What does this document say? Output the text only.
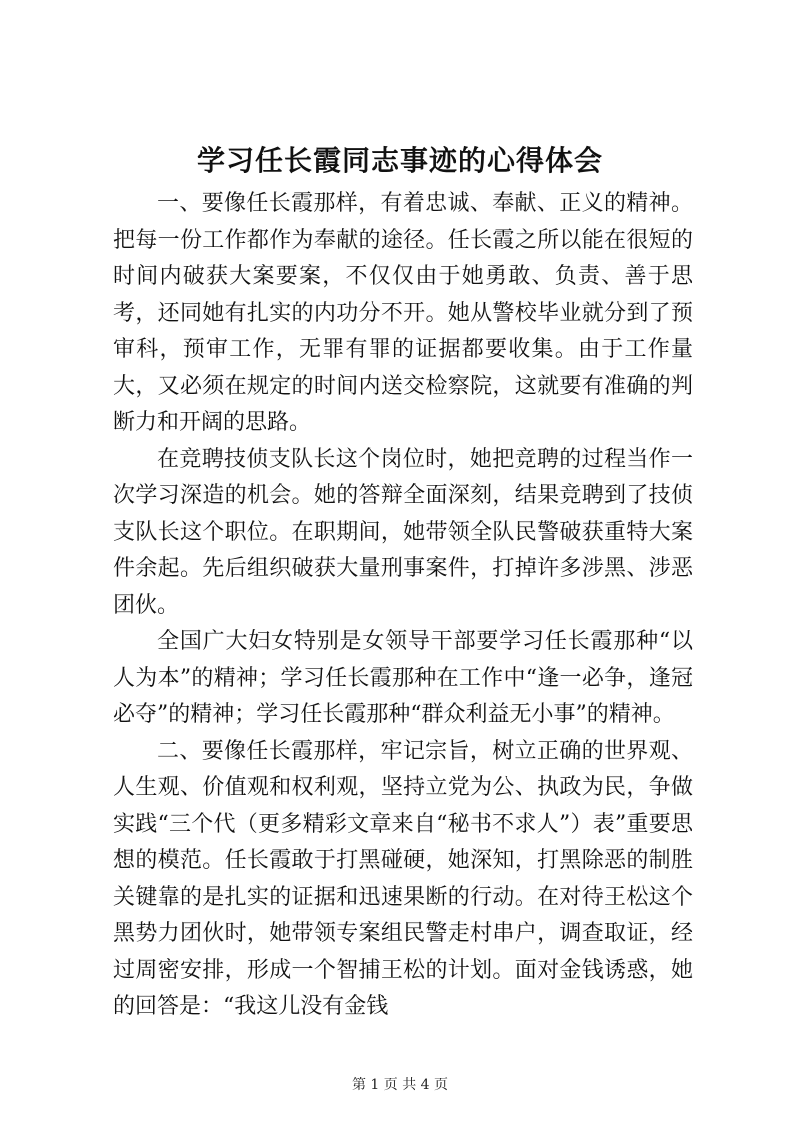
学习任长霞同志事迹的心得体会

一、要像任长霞那样，有着忠诚、奉献、正义的精神。把每一份工作都作为奉献的途径。任长霞之所以能在很短的时间内破获大案要案，不仅仅由于她勇敢、负责、善于思考，还同她有扎实的内功分不开。她从警校毕业就分到了预审科，预审工作，无罪有罪的证据都要收集。由于工作量大，又必须在规定的时间内送交检察院，这就要有准确的判断力和开阔的思路。

在竞聘技侦支队长这个岗位时，她把竞聘的过程当作一次学习深造的机会。她的答辩全面深刻，结果竞聘到了技侦支队长这个职位。在职期间，她带领全队民警破获重特大案件余起。先后组织破获大量刑事案件，打掉许多涉黑、涉恶团伙。

全国广大妇女特别是女领导干部要学习任长霞那种“以人为本”的精神；学习任长霞那种在工作中“逢一必争，逢冠必夺”的精神；学习任长霞那种“群众利益无小事”的精神。

二、要像任长霞那样，牢记宗旨，树立正确的世界观、人生观、价值观和权利观，坚持立党为公、执政为民，争做实践“三个代（更多精彩文章来自“秘书不求人”）表”重要思想的模范。任长霞敢于打黑碰硬，她深知，打黑除恶的制胜关键靠的是扎实的证据和迅速果断的行动。在对待王松这个黑势力团伙时，她带领专案组民警走村串户，调查取证，经过周密安排，形成一个智捕王松的计划。面对金钱诱惑，她的回答是：“我这儿没有金钱

第 1 页 共 4 页
